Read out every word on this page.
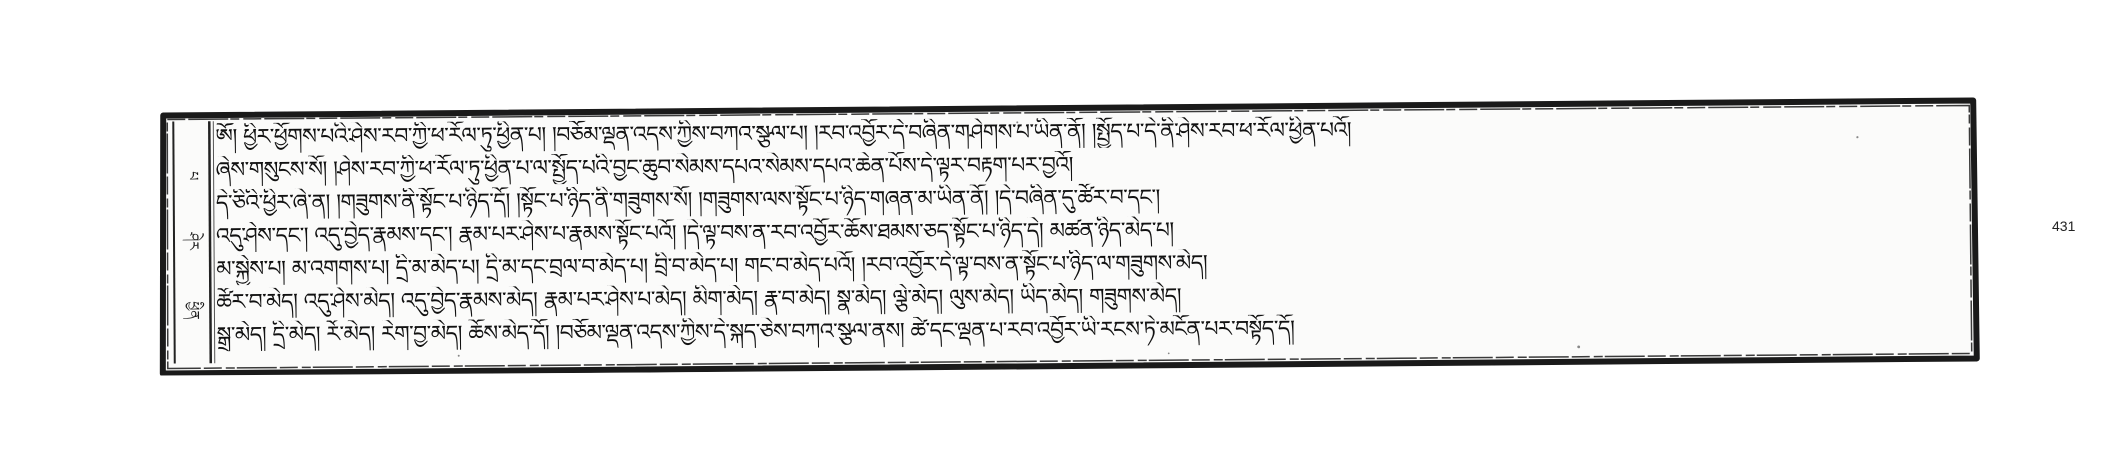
པ
ཤེར
ཕྱིན
ༀ། ཕྱིར་ཕྱོགས་པའི་ཤེས་རབ་ཀྱི་ཕ་རོལ་ཏུ་ཕྱིན་པ། །བཅོམ་ལྡན་འདས་ཀྱིས་བཀའ་སྩལ་པ། །རབ་འབྱོར་དེ་བཞིན་གཤེགས་པ་ཡིན་ནོ། །སྤྱོད་པ་དེ་ནི་ཤེས་རབ་ཕ་རོལ་ཕྱིན་པའོ།
ཞེས་གསུངས་སོ། །ཤེས་རབ་ཀྱི་ཕ་རོལ་ཏུ་ཕྱིན་པ་ལ་སྤྱོད་པའི་བྱང་ཆུབ་སེམས་དཔའ་སེམས་དཔའ་ཆེན་པོས་དེ་ལྟར་བརྟག་པར་བྱའོ།
དེ་ཅིའི་ཕྱིར་ཞེ་ན། །གཟུགས་ནི་སྟོང་པ་ཉིད་དོ། །སྟོང་པ་ཉིད་ནི་གཟུགས་སོ། །གཟུགས་ལས་སྟོང་པ་ཉིད་གཞན་མ་ཡིན་ནོ། །དེ་བཞིན་དུ་ཚོར་བ་དང༌།
འདུ་ཤེས་དང༌། འདུ་བྱེད་རྣམས་དང༌། རྣམ་པར་ཤེས་པ་རྣམས་སྟོང་པའོ། །དེ་ལྟ་བས་ན་རབ་འབྱོར་ཆོས་ཐམས་ཅད་སྟོང་པ་ཉིད་དེ། མཚན་ཉིད་མེད་པ།
མ་སྐྱེས་པ། མ་འགགས་པ། དྲི་མ་མེད་པ། དྲི་མ་དང་བྲལ་བ་མེད་པ། བྲི་བ་མེད་པ། གང་བ་མེད་པའོ། །རབ་འབྱོར་དེ་ལྟ་བས་ན་སྟོང་པ་ཉིད་ལ་གཟུགས་མེད།
ཚོར་བ་མེད། འདུ་ཤེས་མེད། འདུ་བྱེད་རྣམས་མེད། རྣམ་པར་ཤེས་པ་མེད། མིག་མེད། རྣ་བ་མེད། སྣ་མེད། ལྕེ་མེད། ལུས་མེད། ཡིད་མེད། གཟུགས་མེད།
སྒྲ་མེད། དྲི་མེད། རོ་མེད། རེག་བྱ་མེད། ཆོས་མེད་དོ། །བཅོམ་ལྡན་འདས་ཀྱིས་དེ་སྐད་ཅེས་བཀའ་སྩལ་ནས། ཚེ་དང་ལྡན་པ་རབ་འབྱོར་ཡི་རངས་ཏེ་མངོན་པར་བསྟོད་དོ།
431
